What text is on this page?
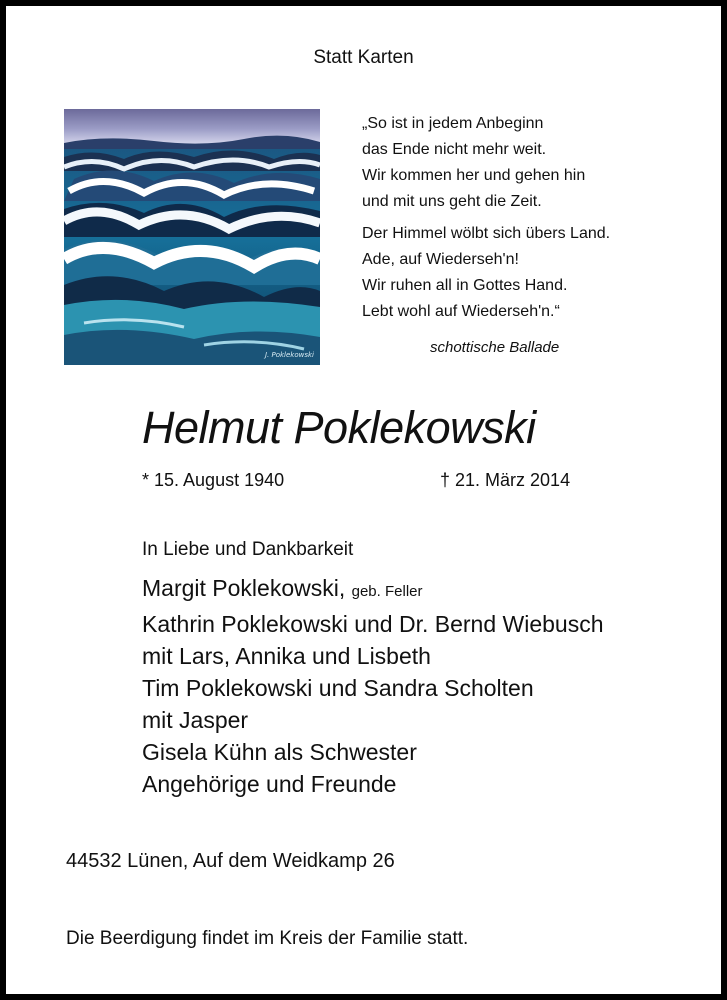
Statt Karten
J. Poklekowski
„So ist in jedem Anbeginn
das Ende nicht mehr weit.
Wir kommen her und gehen hin
und mit uns geht die Zeit.
Der Himmel wölbt sich übers Land.
Ade, auf Wiederseh'n!
Wir ruhen all in Gottes Hand.
Lebt wohl auf Wiederseh'n.“
schottische Ballade
Helmut Poklekowski
* 15. August 1940	† 21. März 2014
In Liebe und Dankbarkeit
Margit Poklekowski, geb. Feller
Kathrin Poklekowski und Dr. Bernd Wiebusch
mit Lars, Annika und Lisbeth
Tim Poklekowski und Sandra Scholten
mit Jasper
Gisela Kühn als Schwester
Angehörige und Freunde
44532 Lünen, Auf dem Weidkamp 26
Die Beerdigung findet im Kreis der Familie statt.
